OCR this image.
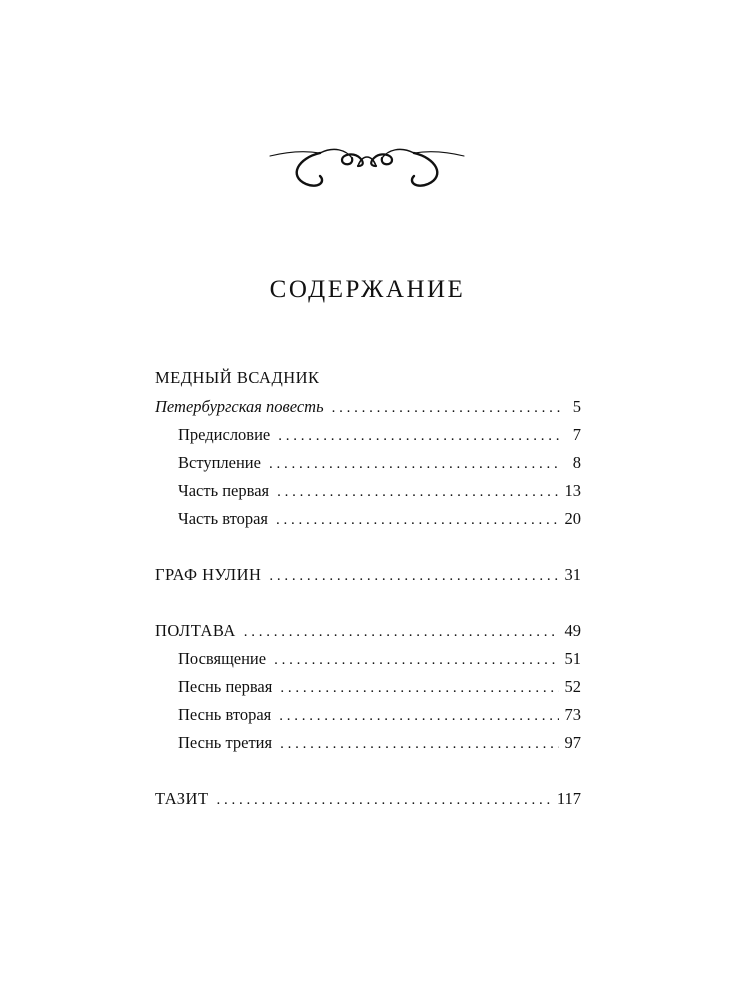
СОДЕРЖАНИЕ
МЕДНЫЙ ВСАДНИК
Петербургская повесть . . .	5
Предисловие . . .	7
Вступление . . .	8
Часть первая . . .	13
Часть вторая . . .	20
ГРАФ НУЛИН . . .	31
ПОЛТАВА . . .	49
Посвящение . . .	51
Песнь первая . . .	52
Песнь вторая . . .	73
Песнь третия . . .	97
ТАЗИТ . . .	117
